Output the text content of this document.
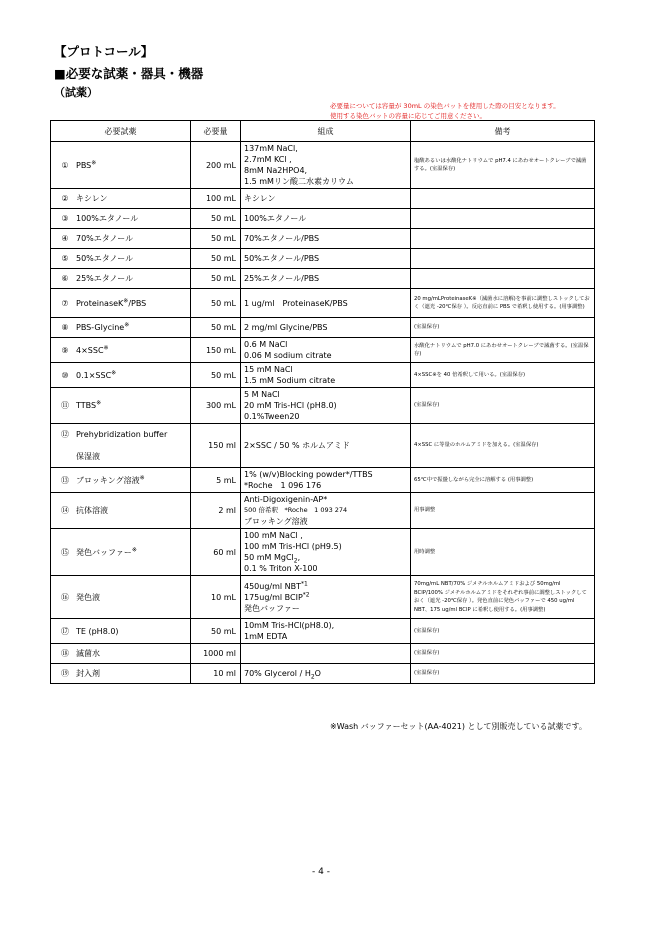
【プロトコール】
■必要な試薬・器具・機器
（試薬）
必要量については容量が 30mL の染色バットを使用した際の目安となります。
使用する染色バットの容量に応じてご用意ください。
必要試薬	必要量	組成	備考
① PBS※	200 mL	137mM NaCl,
2.7mM KCl ,
8mM Na2HPO4,
1.5 mMリン酸二水素カリウム	塩酸あるいは水酸化ナトリウムで pH7.4 にあわせオートクレーブで滅菌する。(室温保存)
② キシレン	100 mL	キシレン	

③ 100%エタノール	50 mL	100%エタノール	

④ 70%エタノール	50 mL	70%エタノール/PBS	

⑤ 50%エタノール	50 mL	50%エタノール/PBS	

⑥ 25%エタノール	50 mL	25%エタノール/PBS	

⑦ ProteinaseK※/PBS	50 mL	1 ug/ml　ProteinaseK/PBS	20 mg/mLProteinaseK※（滅菌水に溶解)を事前に調整しストックしておく（遮光 -20℃保存 ）。反応直前に PBS で希釈し使用する。(用事調整)
⑧ PBS-Glycine※	50 mL	2 mg/ml Glycine/PBS	(室温保存)
⑨ 4×SSC※	150 mL	0.6 M NaCl
0.06 M sodium citrate	水酸化ナトリウムで pH7.0 にあわせオートクレーブで滅菌する。(室温保存)
⑩ 0.1×SSC※	50 mL	15 mM NaCl
1.5 mM Sodium citrate	4×SSC※を 40 倍希釈して用いる。(室温保存)
⑪ TTBS※	300 mL	5 M NaCl
20 mM Tris-HCl (pH8.0)
0.1%Tween20	(室温保存)
⑫ Prehybridization buffer

保湿液	150 ml	2×SSC / 50 % ホルムアミド	4×SSC に等量のホルムアミドを加える。(室温保存)
⑬ ブロッキング溶液※	5 mL	1% (w/v)Blocking powder*/TTBS
*Roche　1 096 176	65℃中で振盪しながら完全に溶解する (用事調整)
⑭ 抗体溶液	2 ml	Anti-Digoxigenin-AP*
500 倍希釈　*Roche　1 093 274
ブロッキング溶液	用事調整
⑮ 発色バッファー※	60 ml	100 mM NaCl ,
100 mM Tris-HCl (pH9.5)
50 mM MgCl$_2$,
0.1 % Triton X-100	用時調整
⑯ 発色液	10 mL	450ug/ml NBT$^{*1}$
175ug/ml BCIP$^{*2}$
発色バッファー	70mg/mL NBT/70% ジメチルホルムアミドおよび 50mg/ml BCIP/100% ジメチルホルムアミドをそれぞれ事前に調整しストックしておく（遮光 -20℃保存 ）。発色直前に発色バッファーで 450 ug/ml NBT、175 ug/ml BCIP に希釈し使用する。(用事調整)
⑰ TE (pH8.0)	50 mL	10mM Tris-HCl(pH8.0),
1mM EDTA	(室温保存)
⑱ 滅菌水	1000 ml		(室温保存)
⑲ 封入剤	10 ml	70% Glycerol / $H_2O$	(室温保存)
※Wash バッファーセット(AA-4021) として別販売している試薬です。
- 4 -
